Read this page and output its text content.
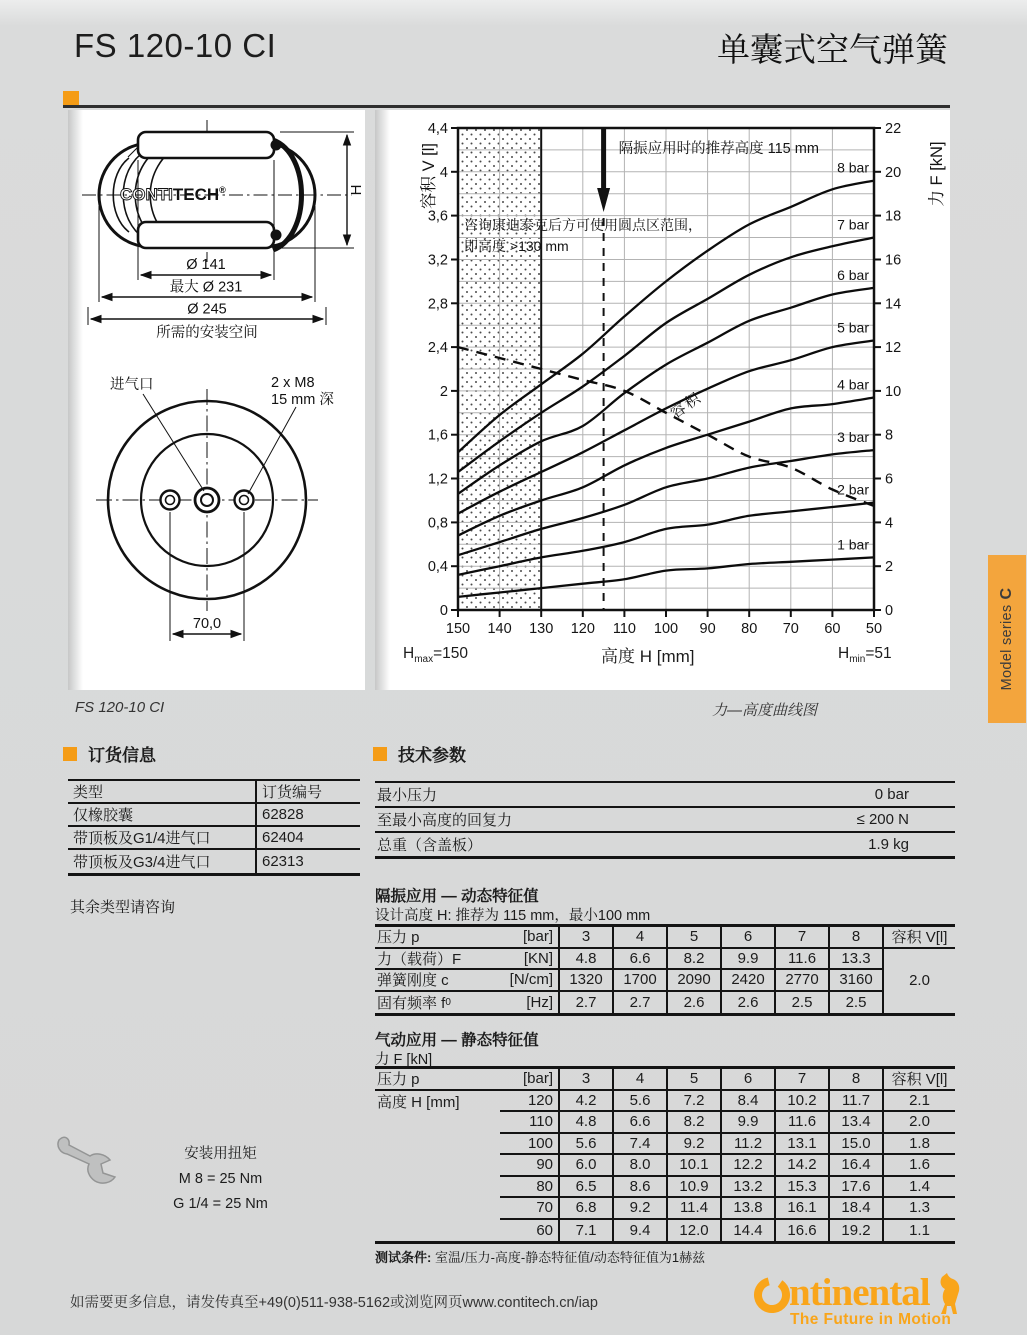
FS 120-10 CI	单囊式空气弹簧
CONTITECH®	H
Ø 141
最大 Ø 231
Ø 245
所需的安装空间
进气口	2 x M8
15 mm 深
70,0	150 140 130 120 110 100 90 80 70 60 50
4,4
4
3,6
3,2
2,8
2,4
2
1,6
1,2
0,8
0,4
0
22
20
18
16
14
12
10
8
6
4
2
0
1 bar
2 bar
3 bar
4 bar
5 bar
6 bar
7 bar
8 bar
隔振应用时的推荐高度 115 mm
咨询康迪泰克后方可使用圆点区范围，
即高度 >130 mm
容积
容积 V [l]	力 F [kN]
高度 H [mm]
$H_{max}=150$	$H_{min}=51$
FS 120-10 CI	力—高度曲线图
订货信息	技术参数
类型	订货编号
仅橡胶囊	62828
带顶板及G1/4进气口	62404
带顶板及G3/4进气口	62313
其余类型请咨询
最小压力	0 bar
至最小高度的回复力	≤ 200 N
总重（含盖板）	1.9 kg
隔振应用 — 动态特征值
设计高度 H: 推荐为 115 mm，最小100 mm
压力 p	[bar]	3	4	5	6	7	8	容积 V[l]
力（载荷）F	[KN]	4.8	6.6	8.2	9.9	11.6	13.3
2.0
弹簧刚度 c	[N/cm]	1320	1700	2090	2420	2770	3160
固有频率 f 0	[Hz]	2.7	2.7	2.6	2.6	2.5	2.5
气动应用 — 静态特征值
力 F [kN]
压力 p	[bar]	3	4	5	6	7	8	容积 V[l]
高度 H [mm]	120	4.2	5.6	7.2	8.4	10.2	11.7	2.1
110	4.8	6.6	8.2	9.9	11.6	13.4	2.0
100	5.6	7.4	9.2	11.2	13.1	15.0	1.8
90	6.0	8.0	10.1	12.2	14.2	16.4	1.6
80	6.5	8.6	10.9	13.2	15.3	17.6	1.4
70	6.8	9.2	11.4	13.8	16.1	18.4	1.3
60	7.1	9.4	12.0	14.4	16.6	19.2	1.1
测试条件: 室温/压力-高度-静态特征值/动态特征值为1赫兹
安装用扭矩
M 8 = 25 Nm
G 1/4 = 25 Nm
如需要更多信息，请发传真至+49(0)511-938-5162或浏览网页www.contitech.cn/iap	ntinental
The Future in Motion
Model series
C
